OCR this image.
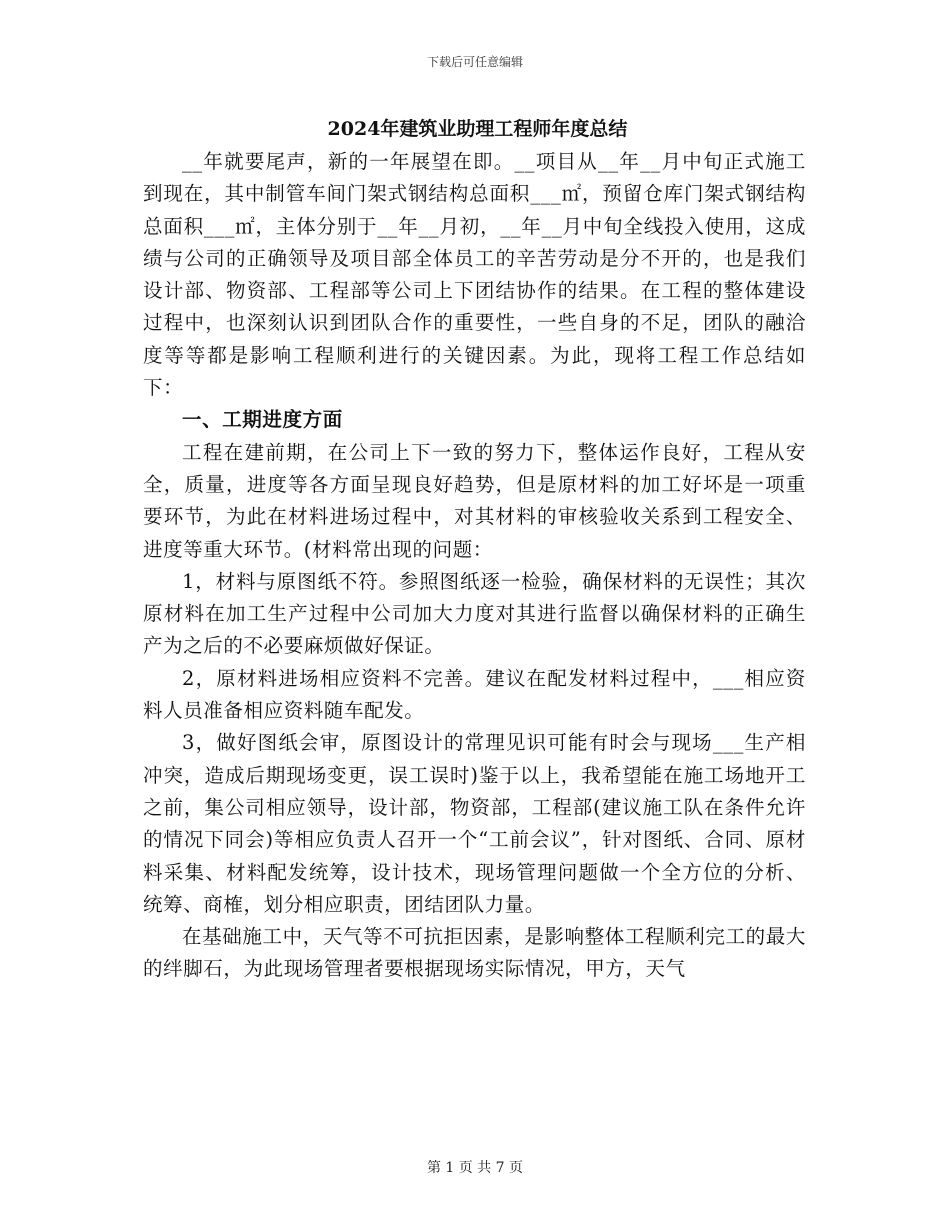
下载后可任意编辑
2024年建筑业助理工程师年度总结

__年就要尾声，新的一年展望在即。__项目从__年__月中旬正式施工到现在，其中制管车间门架式钢结构总面积___㎡，预留仓库门架式钢结构总面积___㎡，主体分别于__年__月初，__年__月中旬全线投入使用，这成绩与公司的正确领导及项目部全体员工的辛苦劳动是分不开的，也是我们设计部、物资部、工程部等公司上下团结协作的结果。在工程的整体建设过程中，也深刻认识到团队合作的重要性，一些自身的不足，团队的融洽度等等都是影响工程顺利进行的关键因素。为此，现将工程工作总结如下：

一、工期进度方面

工程在建前期，在公司上下一致的努力下，整体运作良好，工程从安全，质量，进度等各方面呈现良好趋势，但是原材料的加工好坏是一项重要环节，为此在材料进场过程中，对其材料的审核验收关系到工程安全、进度等重大环节。(材料常出现的问题：

1，材料与原图纸不符。参照图纸逐一检验，确保材料的无误性；其次原材料在加工生产过程中公司加大力度对其进行监督以确保材料的正确生产为之后的不必要麻烦做好保证。

2，原材料进场相应资料不完善。建议在配发材料过程中，___相应资料人员准备相应资料随车配发。

3，做好图纸会审，原图设计的常理见识可能有时会与现场___生产相冲突，造成后期现场变更，误工误时)鉴于以上，我希望能在施工场地开工之前，集公司相应领导，设计部，物资部，工程部(建议施工队在条件允许的情况下同会)等相应负责人召开一个“工前会议”，针对图纸、合同、原材料采集、材料配发统筹，设计技术，现场管理问题做一个全方位的分析、统筹、商榷，划分相应职责，团结团队力量。

在基础施工中，天气等不可抗拒因素，是影响整体工程顺利完工的最大的绊脚石，为此现场管理者要根据现场实际情况，甲方，天气

第 1 页 共 7 页
